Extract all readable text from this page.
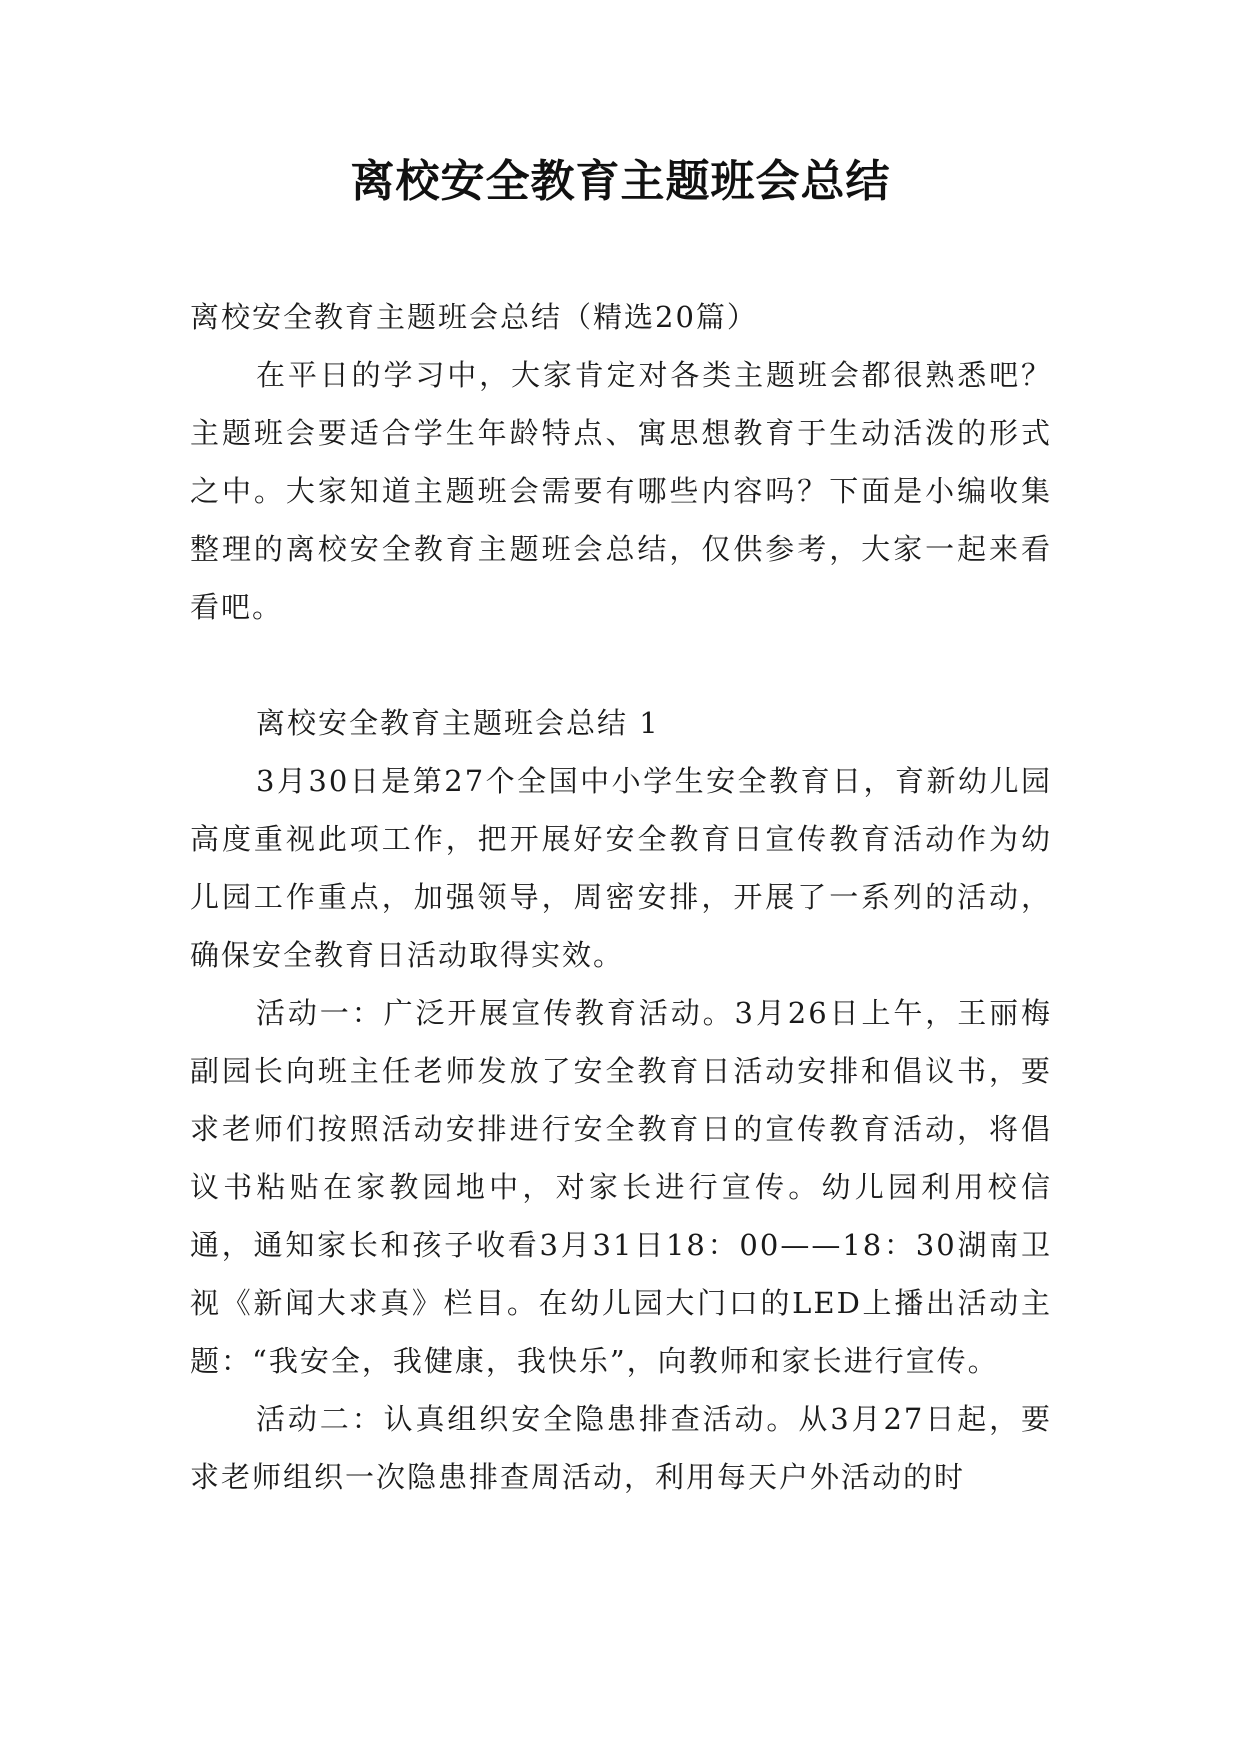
离校安全教育主题班会总结

离校安全教育主题班会总结（精选20篇）

在平日的学习中，大家肯定对各类主题班会都很熟悉吧？主题班会要适合学生年龄特点、寓思想教育于生动活泼的形式之中。大家知道主题班会需要有哪些内容吗？下面是小编收集整理的离校安全教育主题班会总结，仅供参考，大家一起来看看吧。

离校安全教育主题班会总结 1

3月30日是第27个全国中小学生安全教育日，育新幼儿园高度重视此项工作，把开展好安全教育日宣传教育活动作为幼儿园工作重点，加强领导，周密安排，开展了一系列的活动，确保安全教育日活动取得实效。

活动一：广泛开展宣传教育活动。3月26日上午，王丽梅副园长向班主任老师发放了安全教育日活动安排和倡议书，要求老师们按照活动安排进行安全教育日的宣传教育活动，将倡议书粘贴在家教园地中，对家长进行宣传。幼儿园利用校信通，通知家长和孩子收看3月31日18：00——18：30湖南卫视《新闻大求真》栏目。在幼儿园大门口的LED上播出活动主题：“我安全，我健康，我快乐”，向教师和家长进行宣传。

活动二：认真组织安全隐患排查活动。从3月27日起，要求老师组织一次隐患排查周活动，利用每天户外活动的时
